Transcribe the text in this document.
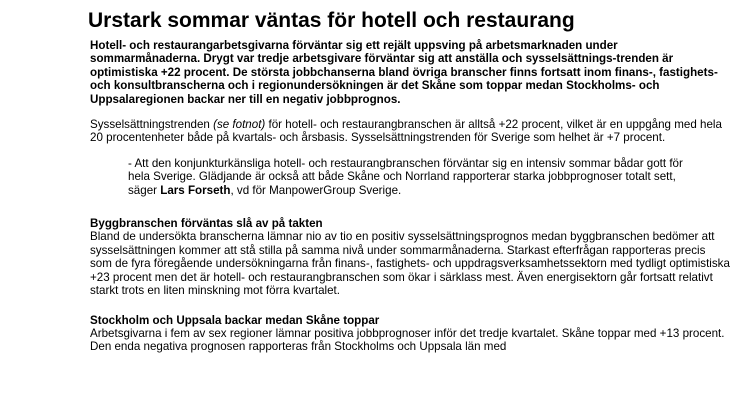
Urstark sommar väntas för hotell och restaurang

Hotell- och restaurangarbetsgivarna förväntar sig ett rejält uppsving på arbetsmarknaden under sommarmånaderna. Drygt var tredje arbetsgivare förväntar sig att anställa och sysselsättnings-trenden är optimistiska +22 procent. De största jobbchanserna bland övriga branscher finns fortsatt inom finans-, fastighets- och konsultbranscherna och i regionundersökningen är det Skåne som toppar medan Stockholms- och Uppsalaregionen backar ner till en negativ jobbprognos.

Sysselsättningstrenden (se fotnot) för hotell- och restaurangbranschen är alltså +22 procent, vilket är en uppgång med hela 20 procentenheter både på kvartals- och årsbasis. Sysselsättningstrenden för Sverige som helhet är +7 procent.

- Att den konjunkturkänsliga hotell- och restaurangbranschen förväntar sig en intensiv sommar bådar gott för hela Sverige. Glädjande är också att både Skåne och Norrland rapporterar starka jobbprognoser totalt sett, säger Lars Forseth, vd för ManpowerGroup Sverige.

Byggbranschen förväntas slå av på takten

Bland de undersökta branscherna lämnar nio av tio en positiv sysselsättningsprognos medan byggbranschen bedömer att sysselsättningen kommer att stå stilla på samma nivå under sommarmånaderna. Starkast efterfrågan rapporteras precis som de fyra föregående undersökningarna från finans-, fastighets- och uppdragsverksamhetssektorn med tydligt optimistiska +23 procent men det är hotell- och restaurangbranschen som ökar i särklass mest. Även energisektorn går fortsatt relativt starkt trots en liten minskning mot förra kvartalet.

Stockholm och Uppsala backar medan Skåne toppar

Arbetsgivarna i fem av sex regioner lämnar positiva jobbprognoser inför det tredje kvartalet. Skåne toppar med +13 procent. Den enda negativa prognosen rapporteras från Stockholms och Uppsala län med
